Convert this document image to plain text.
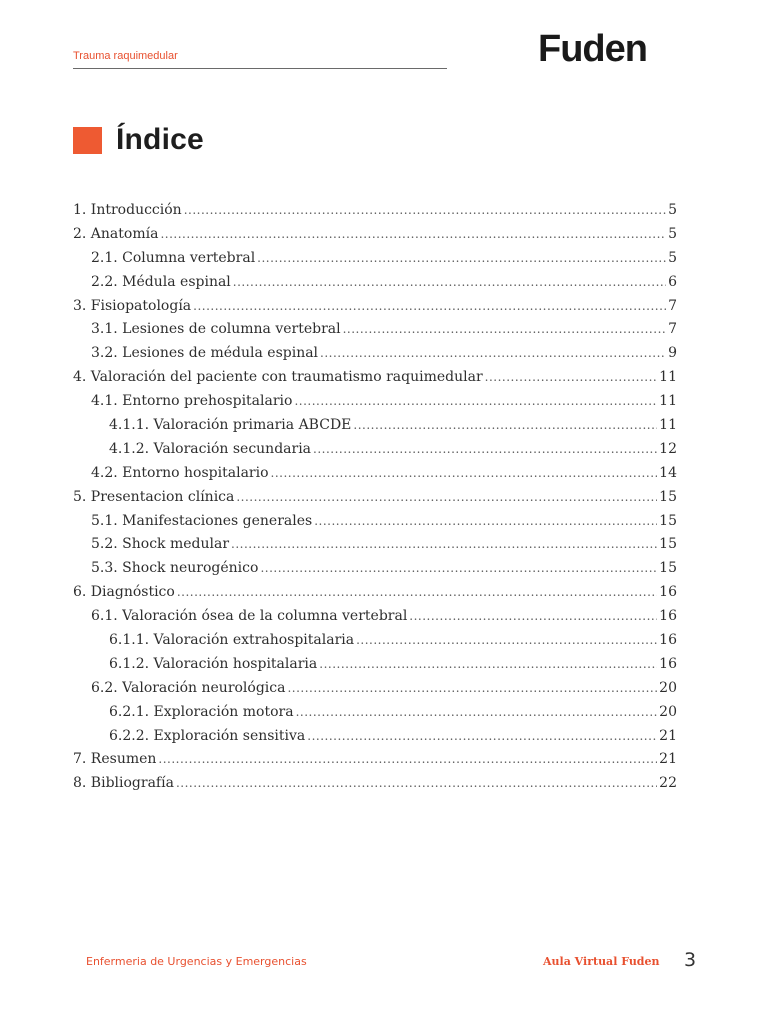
Trauma raquimedular	Fuden
Índice
1. Introducción .....	5
2. Anatomía .....	5
2.1. Columna vertebral .....	5
2.2. Médula espinal .....	6
3. Fisiopatología .....	7
3.1. Lesiones de columna vertebral .....	7
3.2. Lesiones de médula espinal .....	9
4. Valoración del paciente con traumatismo raquimedular .....	11
4.1. Entorno prehospitalario .....	11
4.1.1. Valoración primaria ABCDE .....	11
4.1.2. Valoración secundaria .....	12
4.2. Entorno hospitalario .....	14
5. Presentacion clínica .....	15
5.1. Manifestaciones generales .....	15
5.2. Shock medular .....	15
5.3. Shock neurogénico .....	15
6. Diagnóstico .....	16
6.1. Valoración ósea de la columna vertebral .....	16
6.1.1. Valoración extrahospitalaria .....	16
6.1.2. Valoración hospitalaria .....	16
6.2. Valoración neurológica .....	20
6.2.1. Exploración motora .....	20
6.2.2. Exploración sensitiva .....	21
7. Resumen .....	21
8. Bibliografía .....	22
Enfermeria de Urgencias y Emergencias	Aula Virtual Fuden 3
